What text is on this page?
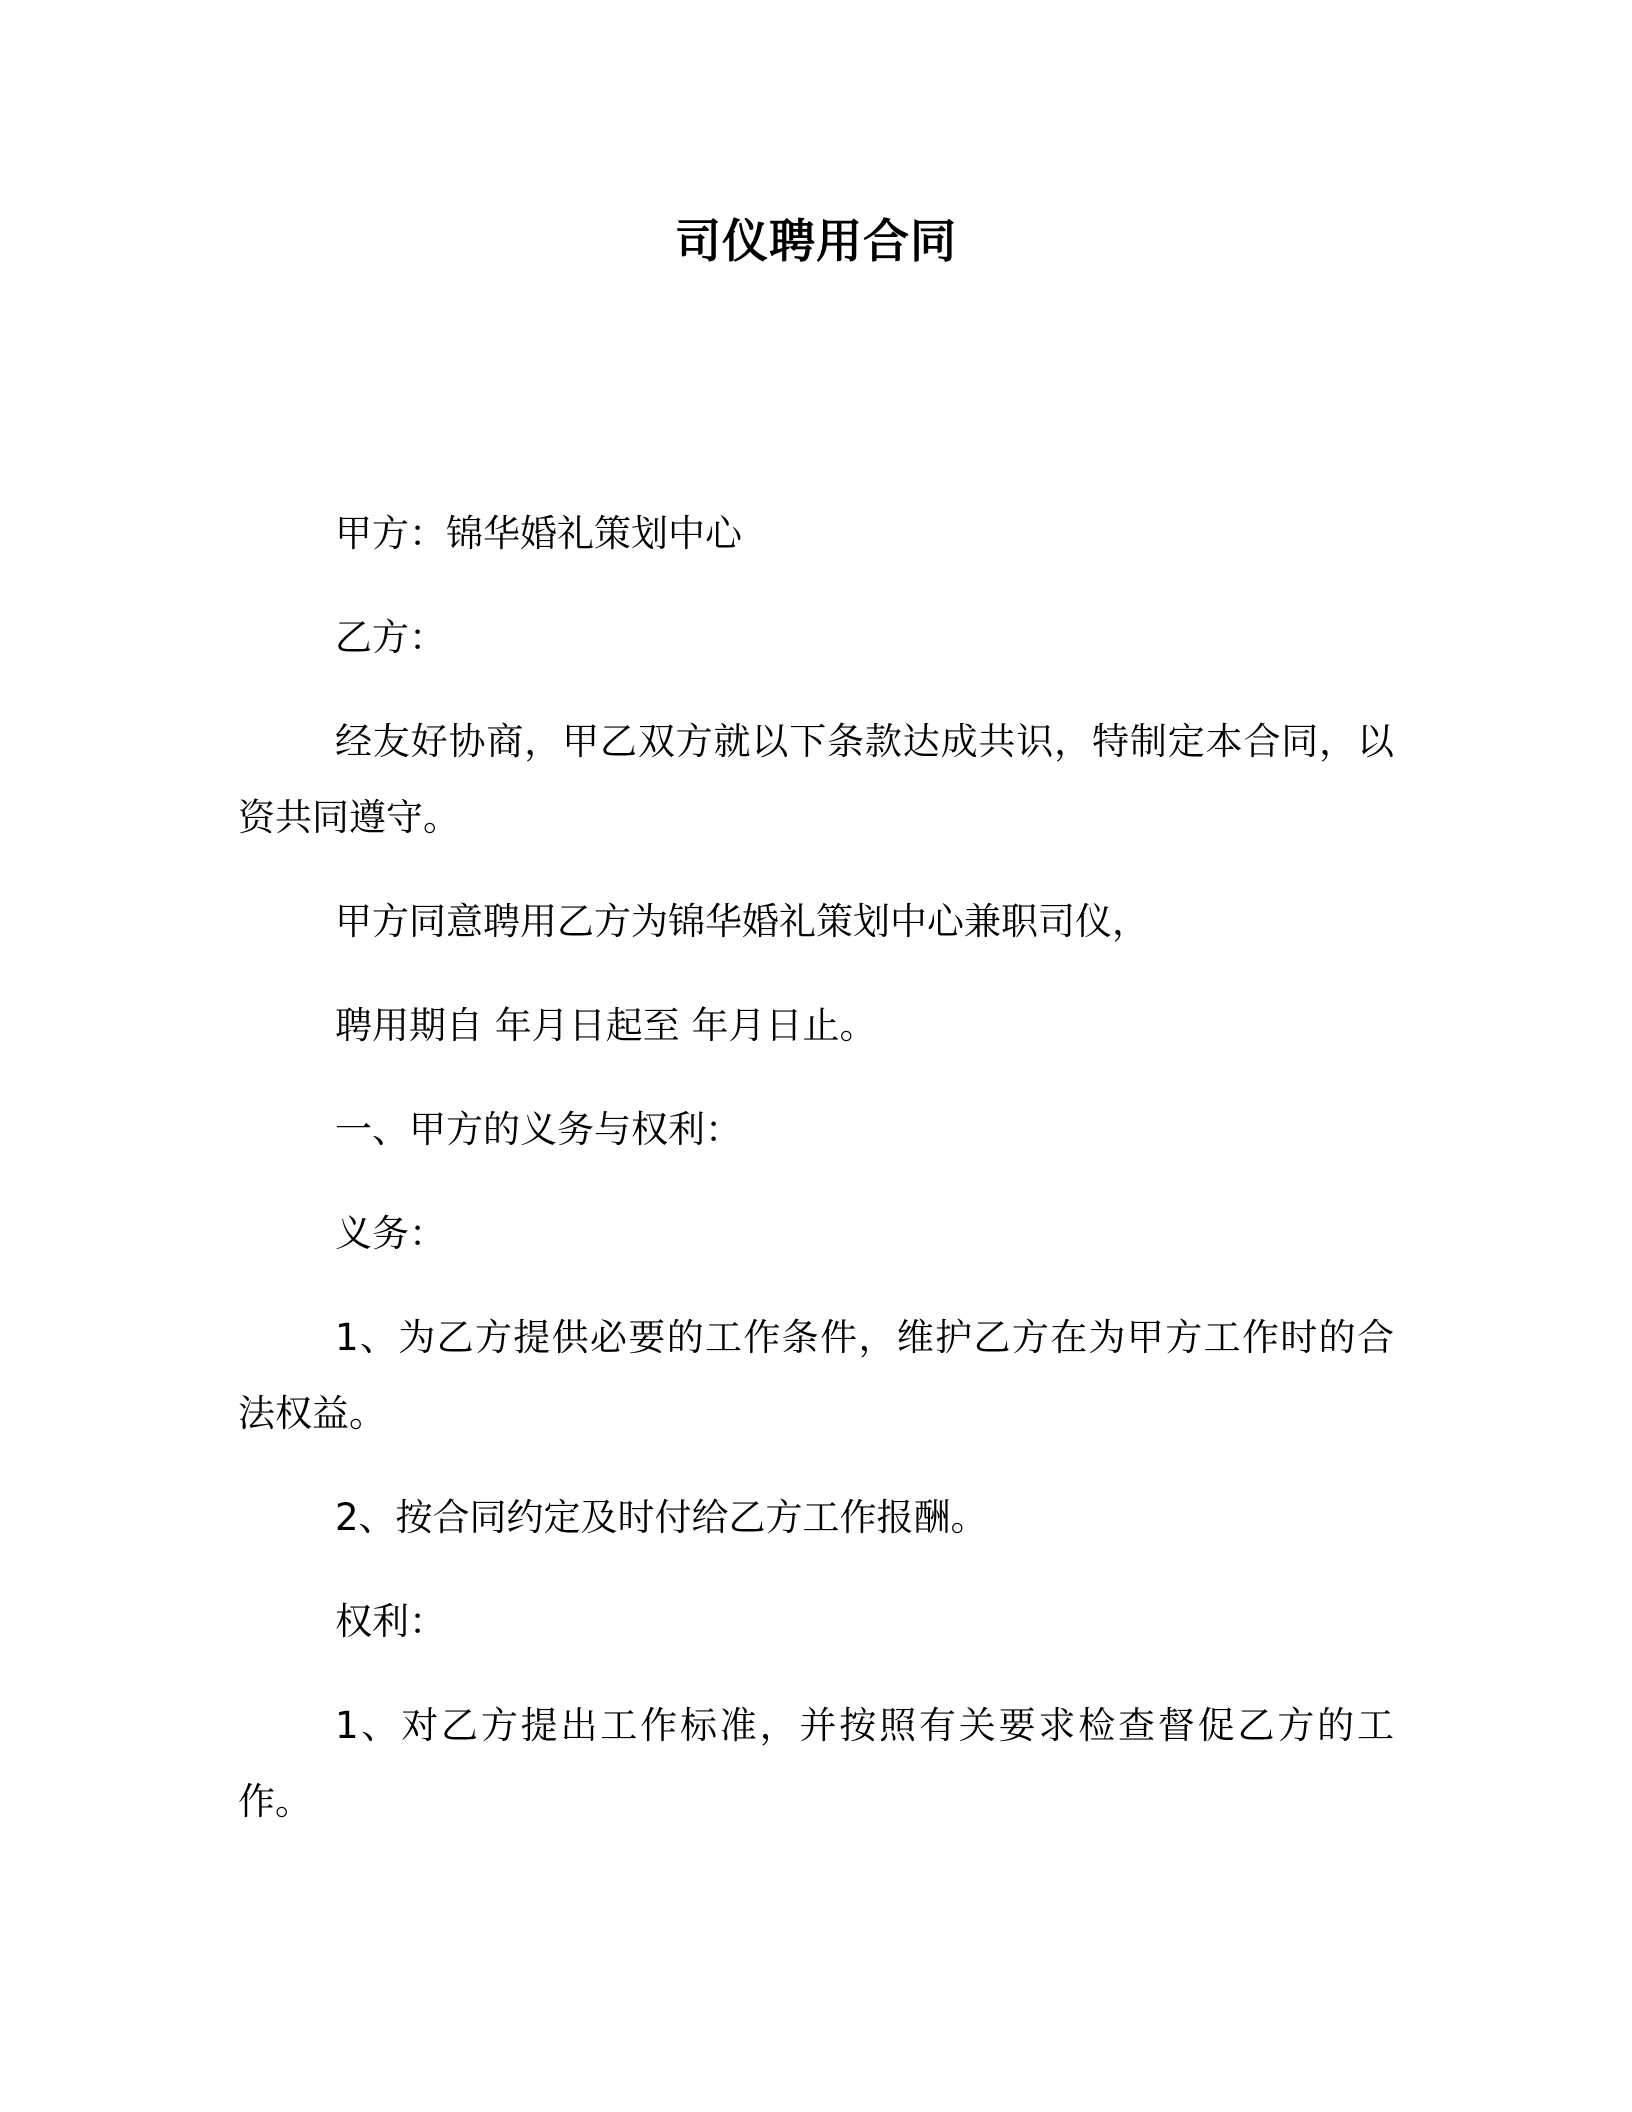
司仪聘用合同

甲方：锦华婚礼策划中心

乙方：

经友好协商，甲乙双方就以下条款达成共识，特制定本合同，以资共同遵守。

甲方同意聘用乙方为锦华婚礼策划中心兼职司仪，

聘用期自 年月日起至 年月日止。

一、甲方的义务与权利：

义务：

1、为乙方提供必要的工作条件，维护乙方在为甲方工作时的合法权益。

2、按合同约定及时付给乙方工作报酬。

权利：

1、对乙方提出工作标准，并按照有关要求检查督促乙方的工作。
